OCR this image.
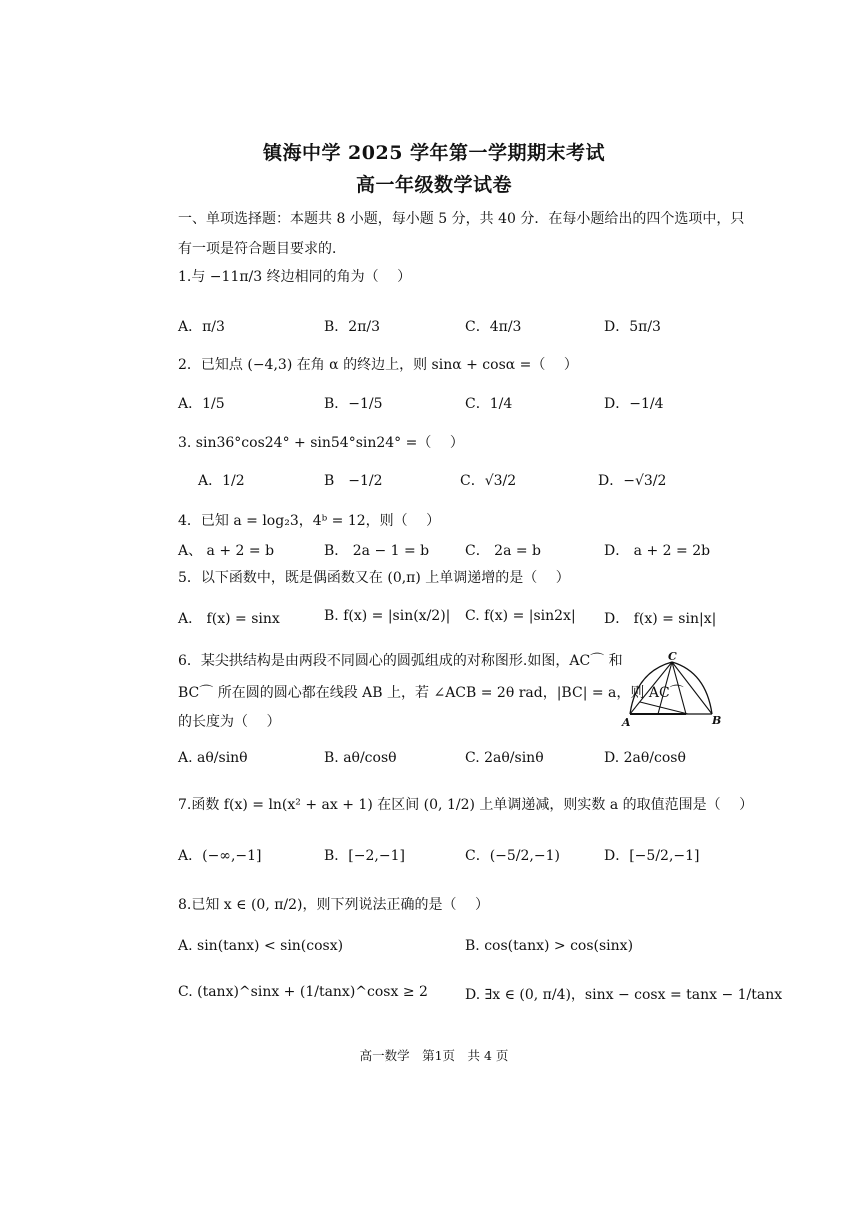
镇海中学 2025 学年第一学期期末考试
高一年级数学试卷
一、单项选择题：本题共 8 小题，每小题 5 分，共 40 分．在每小题给出的四个选项中，只
有一项是符合题目要求的．
1.与 −11π/3 终边相同的角为（　 ）
A．π/3	B．2π/3	C．4π/3	D．5π/3
2．已知点 (−4,3) 在角 α 的终边上，则 sinα + cosα =（　 ）
A．1/5	B．−1/5	C．1/4	D．−1/4
3. sin36°cos24° + sin54°sin24° =（　 ）
A．1/2	B　−1/2	C．√3/2	D．−√3/2
4．已知 a = log₂3，4ᵇ = 12，则（　 ）
A、 a + 2 = b	B． 2a − 1 = b	C． 2a = b	D． a + 2 = 2b
5．以下函数中，既是偶函数又在 (0,π) 上单调递增的是（　 ）
A． f(x) = sinx	B. f(x) = |sin(x/2)| C. f(x) = |sin2x| D． f(x) = sin|x|
6．某尖拱结构是由两段不同圆心的圆弧组成的对称图形.如图，AC⌒ 和
BC⌒ 所在圆的圆心都在线段 AB 上，若 ∠ACB = 2θ rad，|BC| = a，则 AC⌒
的长度为（　 ）	A	B
C
A. aθ/sinθ	B. aθ/cosθ	C. 2aθ/sinθ	D. 2aθ/cosθ
7.函数 f(x) = ln(x² + ax + 1) 在区间 (0, 1/2) 上单调递减，则实数 a 的取值范围是（　 ）
A．(−∞,−1]	B．[−2,−1]	C．(−5/2,−1)	D．[−5/2,−1]
8.已知 x ∈ (0, π/2)，则下列说法正确的是（　 ）
A. sin(tanx) < sin(cosx)	B. cos(tanx) > cos(sinx)
C. (tanx)^sinx + (1/tanx)^cosx ≥ 2	D. ∃x ∈ (0, π/4)，sinx − cosx = tanx − 1/tanx
高一数学　第1页　共 4 页
